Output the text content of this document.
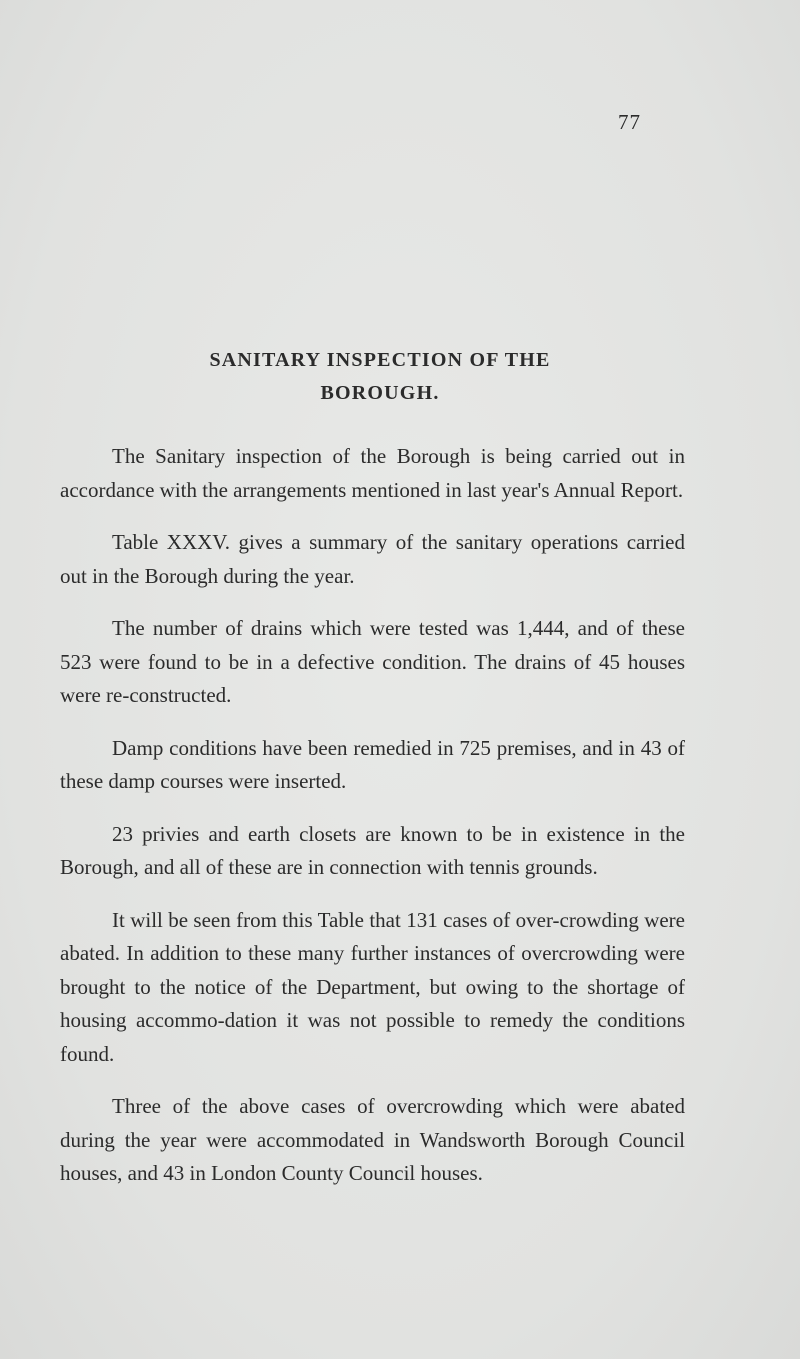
77
SANITARY INSPECTION OF THE
BOROUGH.

The Sanitary inspection of the Borough is being carried out in accordance with the arrangements mentioned in last year's Annual Report.

Table XXXV. gives a summary of the sanitary operations carried out in the Borough during the year.

The number of drains which were tested was 1,444, and of these 523 were found to be in a defective condition. The drains of 45 houses were re-constructed.

Damp conditions have been remedied in 725 premises, and in 43 of these damp courses were inserted.

23 privies and earth closets are known to be in existence in the Borough, and all of these are in connection with tennis grounds.

It will be seen from this Table that 131 cases of over-crowding were abated. In addition to these many further instances of overcrowding were brought to the notice of the Department, but owing to the shortage of housing accommo-dation it was not possible to remedy the conditions found.

Three of the above cases of overcrowding which were abated during the year were accommodated in Wandsworth Borough Council houses, and 43 in London County Council houses.
